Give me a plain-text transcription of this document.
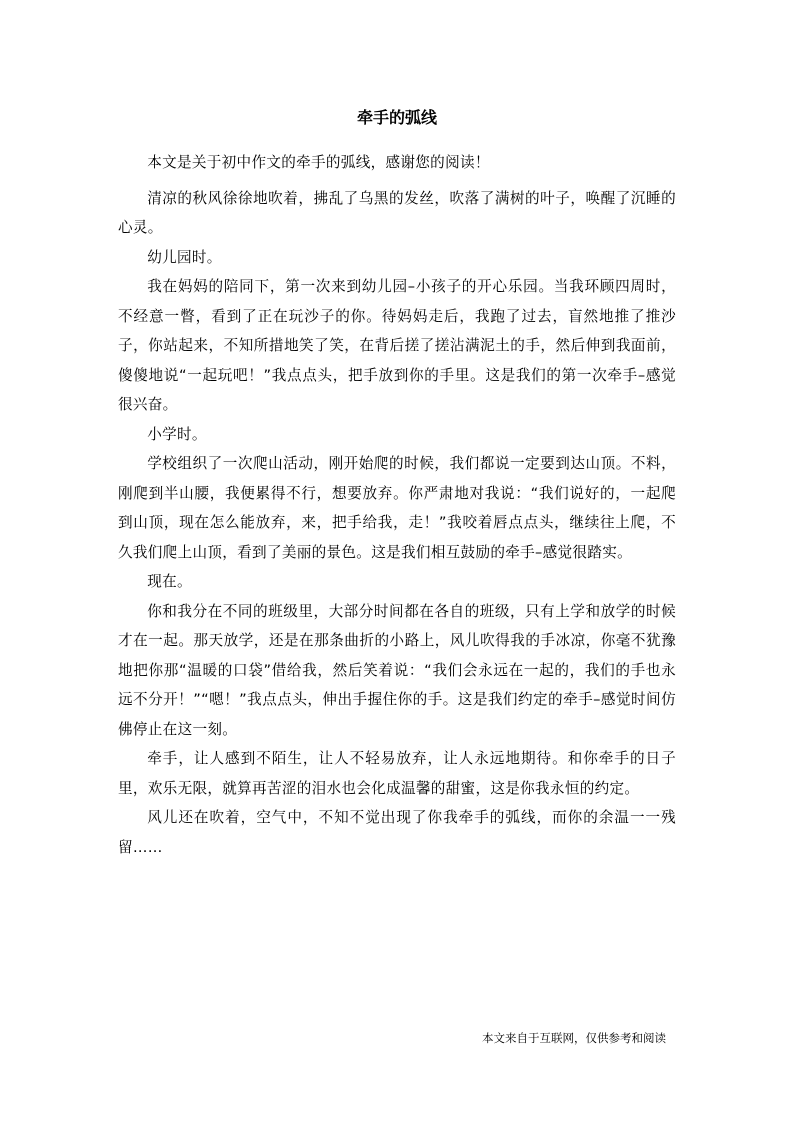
牵手的弧线

本文是关于初中作文的牵手的弧线，感谢您的阅读！

清凉的秋风徐徐地吹着，拂乱了乌黑的发丝，吹落了满树的叶子，唤醒了沉睡的心灵。

幼儿园时。

我在妈妈的陪同下，第一次来到幼儿园–小孩子的开心乐园。当我环顾四周时，不经意一瞥，看到了正在玩沙子的你。待妈妈走后，我跑了过去，盲然地推了推沙子，你站起来，不知所措地笑了笑，在背后搓了搓沾满泥土的手，然后伸到我面前，傻傻地说“一起玩吧！”我点点头，把手放到你的手里。这是我们的第一次牵手–感觉很兴奋。

小学时。

学校组织了一次爬山活动，刚开始爬的时候，我们都说一定要到达山顶。不料，刚爬到半山腰，我便累得不行，想要放弃。你严肃地对我说：“我们说好的，一起爬到山顶，现在怎么能放弃，来，把手给我，走！”我咬着唇点点头，继续往上爬，不久我们爬上山顶，看到了美丽的景色。这是我们相互鼓励的牵手–感觉很踏实。

现在。

你和我分在不同的班级里，大部分时间都在各自的班级，只有上学和放学的时候才在一起。那天放学，还是在那条曲折的小路上，风儿吹得我的手冰凉，你毫不犹豫地把你那“温暖的口袋”借给我，然后笑着说：“我们会永远在一起的，我们的手也永远不分开！”“嗯！”我点点头，伸出手握住你的手。这是我们约定的牵手–感觉时间仿佛停止在这一刻。

牵手，让人感到不陌生，让人不轻易放弃，让人永远地期待。和你牵手的日子里，欢乐无限，就算再苦涩的泪水也会化成温馨的甜蜜，这是你我永恒的约定。

风儿还在吹着，空气中，不知不觉出现了你我牵手的弧线，而你的余温一一残留……

本文来自于互联网，仅供参考和阅读
